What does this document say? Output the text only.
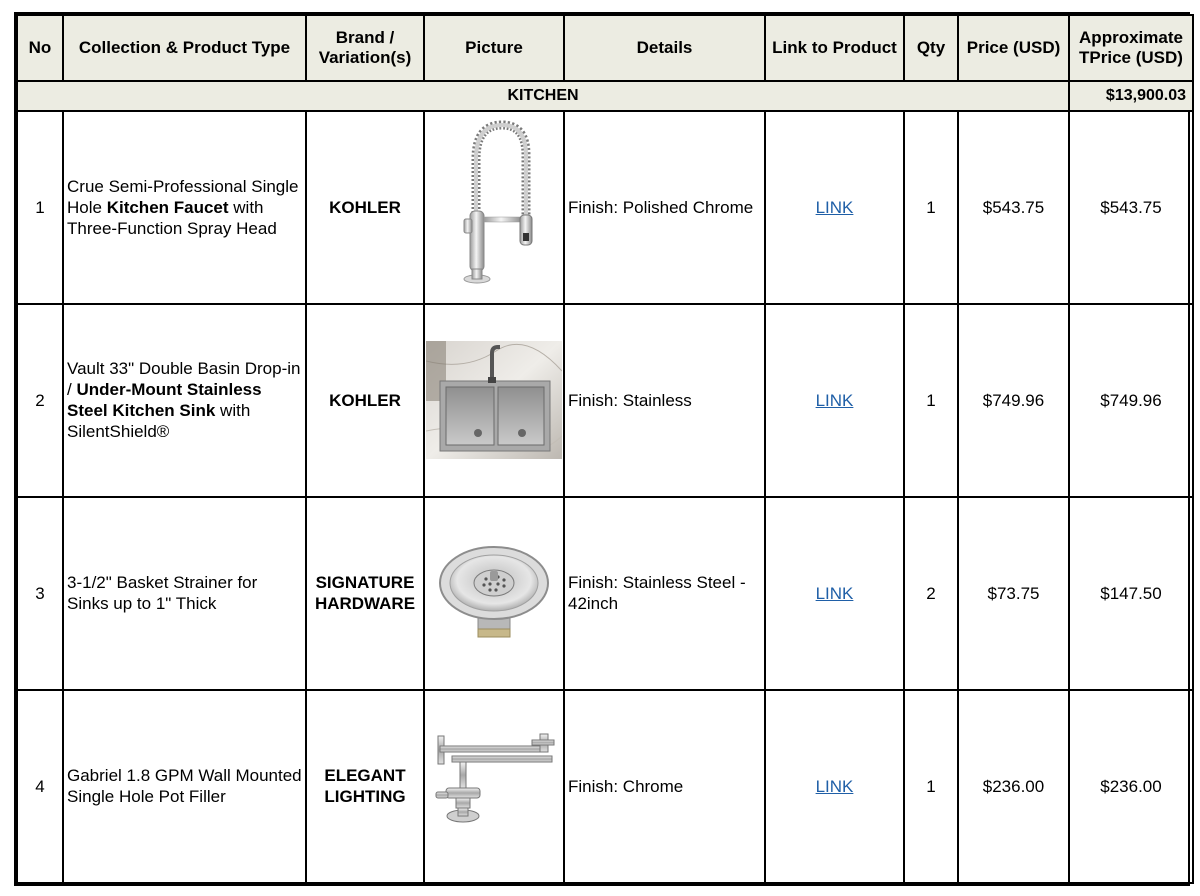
No	Collection & Product Type	Brand / Variation(s)	Picture	Details	Link to Product	Qty	Price (USD)	Approximate TPrice (USD)
KITCHEN								$13,900.03
1	Crue Semi-Professional Single Hole Kitchen Faucet with Three-Function Spray Head	KOHLER		Finish: Polished Chrome	LINK	1	$543.75	$543.75
2	Vault 33" Double Basin Drop-in / Under-Mount Stainless Steel Kitchen Sink with SilentShield®	KOHLER		Finish: Stainless	LINK	1	$749.96	$749.96
3	3-1/2" Basket Strainer for Sinks up to 1" Thick	SIGNATURE HARDWARE		Finish: Stainless Steel - 42inch	LINK	2	$73.75	$147.50
4	Gabriel 1.8 GPM Wall Mounted Single Hole Pot Filler	ELEGANT LIGHTING		Finish: Chrome	LINK	1	$236.00	$236.00
